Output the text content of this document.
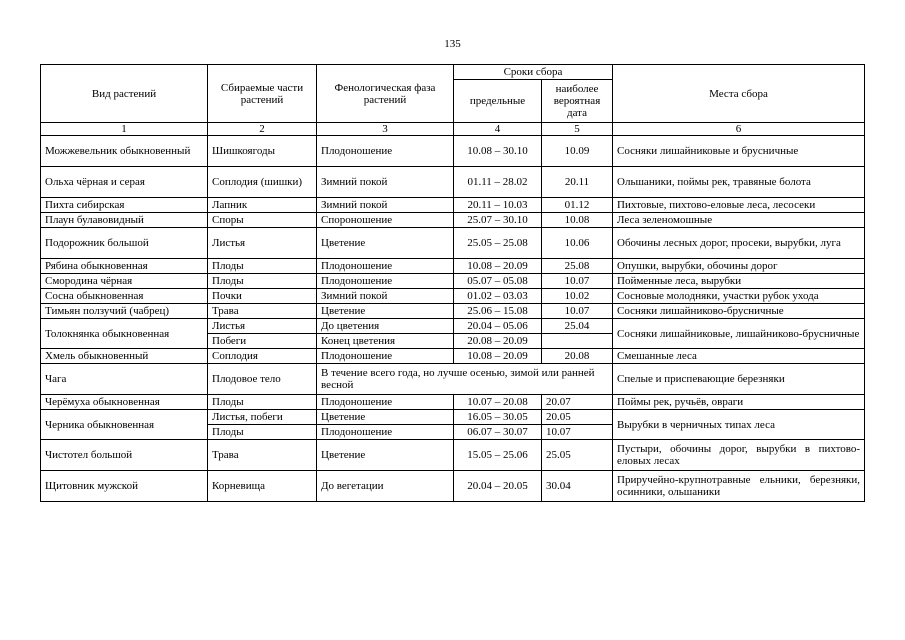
135
Вид растений	Сбираемые части растений	Фенологическая фаза растений	Сроки сбора		Места сбора
			предельные	наиболее вероятная дата	
1	2	3	4	5	6
Можжевельник обыкновенный	Шишкоягоды	Плодоношение	10.08 – 30.10	10.09	Сосняки лишайниковые и брусничные
Ольха чёрная и серая	Соплодия (шишки)	Зимний покой	01.11 – 28.02	20.11	Ольшаники, поймы рек, травяные болота
Пихта сибирская	Лапник	Зимний покой	20.11 – 10.03	01.12	Пихтовые, пихтово-еловые леса, лесосеки
Плаун булавовидный	Споры	Спороношение	25.07 – 30.10	10.08	Леса зеленомошные
Подорожник большой	Листья	Цветение	25.05 – 25.08	10.06	Обочины лесных дорог, просеки, вырубки, луга
Рябина обыкновенная	Плоды	Плодоношение	10.08 – 20.09	25.08	Опушки, вырубки, обочины дорог
Смородина чёрная	Плоды	Плодоношение	05.07 – 05.08	10.07	Пойменные леса, вырубки
Сосна обыкновенная	Почки	Зимний покой	01.02 – 03.03	10.02	Сосновые молодняки, участки рубок ухода
Тимьян ползучий (чабрец)	Трава	Цветение	25.06 – 15.08	10.07	Сосняки лишайниково-брусничные
Толокнянка обыкновенная	Листья	До цветения	20.04 – 05.06	25.04	Сосняки лишайниковые, лишайниково-брусничные
	Побеги	Конец цветения	20.08 – 20.09		
Хмель обыкновенный	Соплодия	Плодоношение	10.08 – 20.09	20.08	Смешанные леса
Чага	Плодовое тело	В течение всего года, но лучше осенью, зимой или ранней весной			Спелые и приспевающие березняки
Черёмуха обыкновенная	Плоды	Плодоношение	10.07 – 20.08	20.07	Поймы рек, ручьёв, овраги
Черника обыкновенная	Листья, побеги	Цветение	16.05 – 30.05	20.05	Вырубки в черничных типах леса
	Плоды	Плодоношение	06.07 – 30.07	10.07	
Чистотел большой	Трава	Цветение	15.05 – 25.06	25.05	Пустыри, обочины дорог, вырубки в пихтово-еловых лесах
Щитовник мужской	Корневища	До вегетации	20.04 – 20.05	30.04	Приручейно-крупнотравные ельники, березняки, осинники, ольшаники
